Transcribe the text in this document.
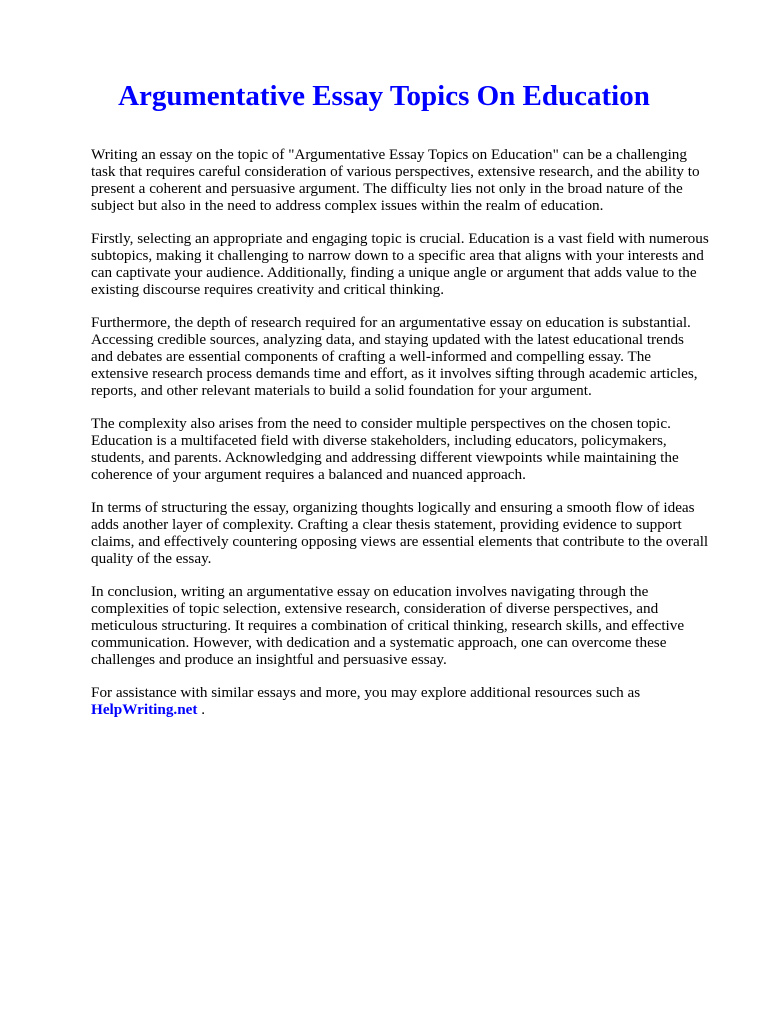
Argumentative Essay Topics On Education

Writing an essay on the topic of "Argumentative Essay Topics on Education" can be a challenging
task that requires careful consideration of various perspectives, extensive research, and the ability to
present a coherent and persuasive argument. The difficulty lies not only in the broad nature of the
subject but also in the need to address complex issues within the realm of education.

Firstly, selecting an appropriate and engaging topic is crucial. Education is a vast field with numerous
subtopics, making it challenging to narrow down to a specific area that aligns with your interests and
can captivate your audience. Additionally, finding a unique angle or argument that adds value to the
existing discourse requires creativity and critical thinking.

Furthermore, the depth of research required for an argumentative essay on education is substantial.
Accessing credible sources, analyzing data, and staying updated with the latest educational trends
and debates are essential components of crafting a well-informed and compelling essay. The
extensive research process demands time and effort, as it involves sifting through academic articles,
reports, and other relevant materials to build a solid foundation for your argument.

The complexity also arises from the need to consider multiple perspectives on the chosen topic.
Education is a multifaceted field with diverse stakeholders, including educators, policymakers,
students, and parents. Acknowledging and addressing different viewpoints while maintaining the
coherence of your argument requires a balanced and nuanced approach.

In terms of structuring the essay, organizing thoughts logically and ensuring a smooth flow of ideas
adds another layer of complexity. Crafting a clear thesis statement, providing evidence to support
claims, and effectively countering opposing views are essential elements that contribute to the overall
quality of the essay.

In conclusion, writing an argumentative essay on education involves navigating through the
complexities of topic selection, extensive research, consideration of diverse perspectives, and
meticulous structuring. It requires a combination of critical thinking, research skills, and effective
communication. However, with dedication and a systematic approach, one can overcome these
challenges and produce an insightful and persuasive essay.

For assistance with similar essays and more, you may explore additional resources such as
HelpWriting.net .
